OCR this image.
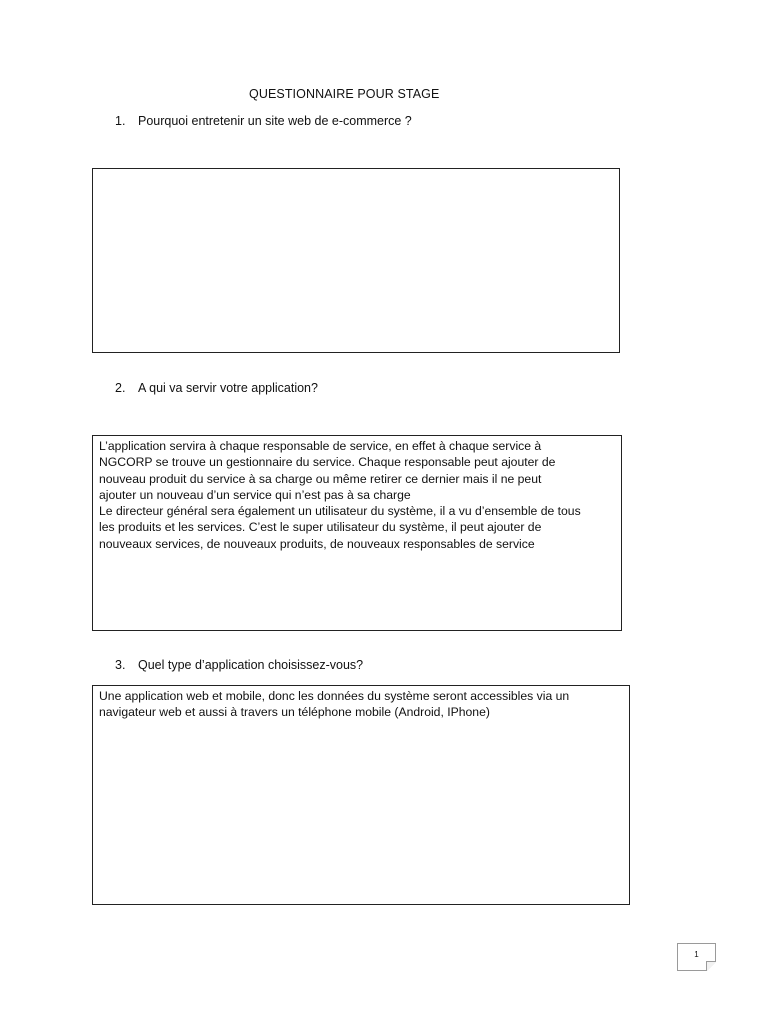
QUESTIONNAIRE POUR STAGE
1. Pourquoi entretenir un site web de e-commerce ?

2. A qui va servir votre application?

L’application servira à chaque responsable de service, en effet à chaque service à
NGCORP se trouve un gestionnaire du service. Chaque responsable peut ajouter de
nouveau produit du service à sa charge ou même retirer ce dernier mais il ne peut
ajouter un nouveau d’un service qui n’est pas à sa charge

Le directeur général sera également un utilisateur du système, il a vu d’ensemble de tous
les produits et les services. C’est le super utilisateur du système, il peut ajouter de
nouveaux services, de nouveaux produits, de nouveaux responsables de service

3. Quel type d’application choisissez-vous?

Une application web et mobile, donc les données du système seront accessibles via un
navigateur web et aussi à travers un téléphone mobile (Android, IPhone)

1
